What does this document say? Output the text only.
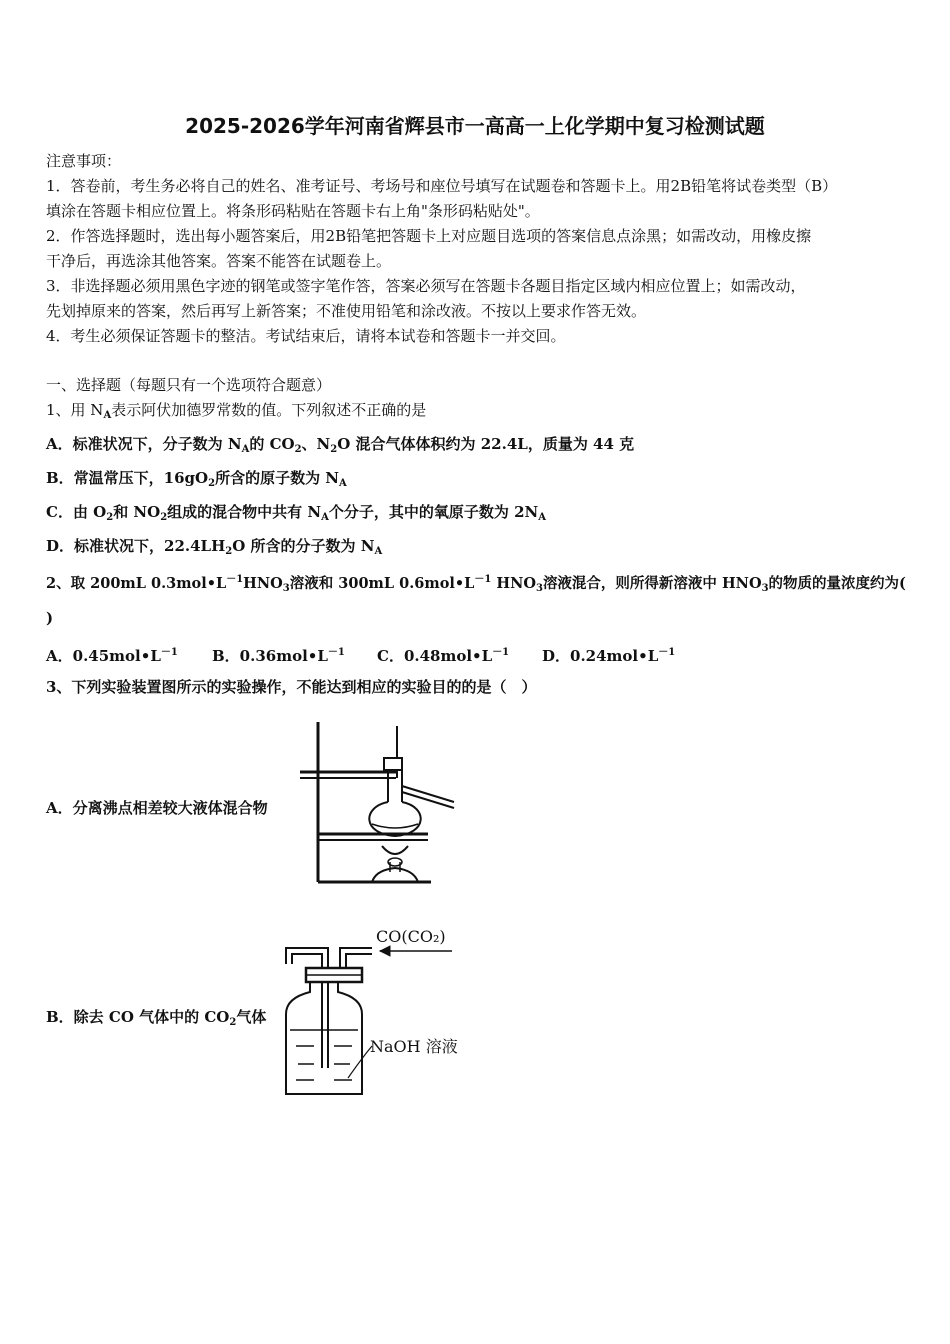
2025-2026学年河南省辉县市一高高一上化学期中复习检测试题
注意事项：
1．答卷前，考生务必将自己的姓名、准考证号、考场号和座位号填写在试题卷和答题卡上。用2B铅笔将试卷类型（B）
填涂在答题卡相应位置上。将条形码粘贴在答题卡右上角"条形码粘贴处"。
2．作答选择题时，选出每小题答案后，用2B铅笔把答题卡上对应题目选项的答案信息点涂黑；如需改动，用橡皮擦
干净后，再选涂其他答案。答案不能答在试题卷上。
3．非选择题必须用黑色字迹的钢笔或签字笔作答，答案必须写在答题卡各题目指定区域内相应位置上；如需改动，
先划掉原来的答案，然后再写上新答案；不准使用铅笔和涂改液。不按以上要求作答无效。
4．考生必须保证答题卡的整洁。考试结束后，请将本试卷和答题卡一并交回。
一、选择题（每题只有一个选项符合题意）
1、用 $N_A$表示阿伏加德罗常数的值。下列叙述不正确的是
A．标准状况下，分子数为 $N_A$的 $CO_2$、$N_2O$ 混合气体体积约为 22.4L，质量为 44 克
B．常温常压下，$16gO_2$所含的原子数为 $N_A$
C．由 $O_2$和 $NO_2$组成的混合物中共有 $N_A$个分子，其中的氧原子数为 $2N_A$
D．标准状况下，$22.4LH_2O$ 所含的分子数为 $N_A$
2、取 200mL $0.3mol•L^{-1}HNO_3$溶液和 300mL $0.6mol•L^{-1}$ $HNO_3$溶液混合，则所得新溶液中 $HNO_3$的物质的量浓度约为(
)
A．$0.45mol•L^{-1}$ B．$0.36mol•L^{-1}$ C．$0.48mol•L^{-1}$ D．$0.24mol•L^{-1}$
3、下列实验装置图所示的实验操作，不能达到相应的实验目的的是（　）
A．分离沸点相差较大液体混合物
B．除去 CO 气体中的 $CO_2$气体
CO(CO₂)
NaOH 溶液
